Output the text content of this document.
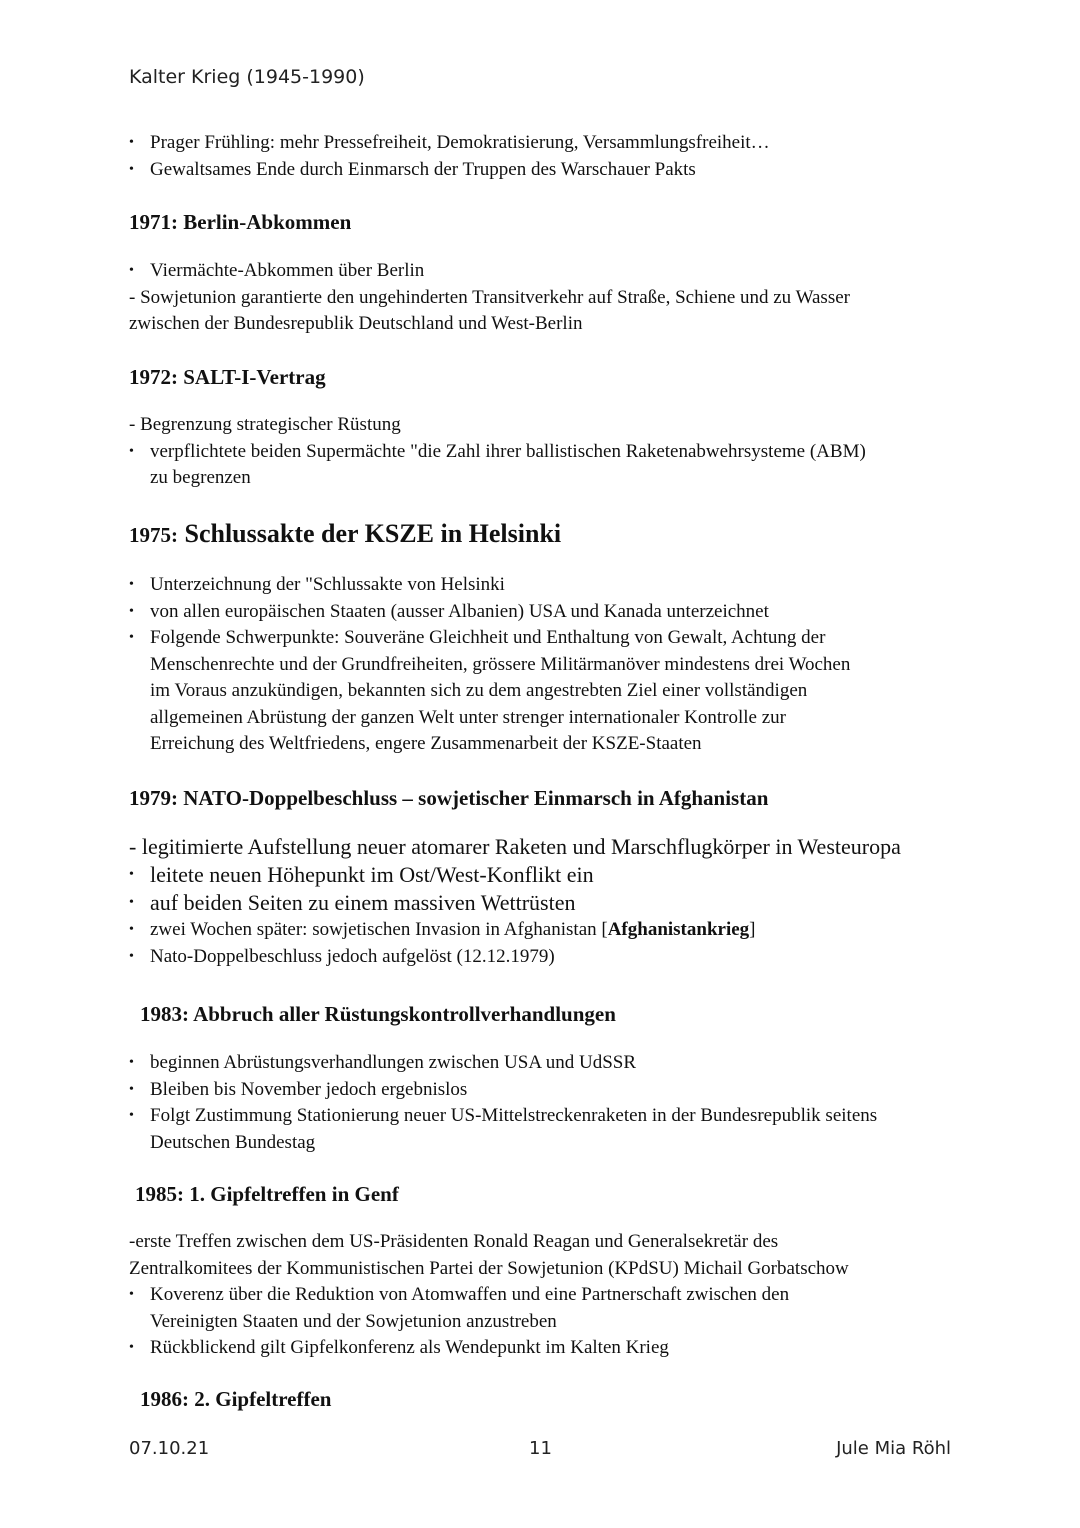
Kalter Krieg (1945-1990)
• Prager Frühling: mehr Pressefreiheit, Demokratisierung, Versammlungsfreiheit…
• Gewaltsames Ende durch Einmarsch der Truppen des Warschauer Pakts
1971: Berlin-Abkommen
• Viermächte-Abkommen über Berlin
- Sowjetunion garantierte den ungehinderten Transitverkehr auf Straße, Schiene und zu Wasser
zwischen der Bundesrepublik Deutschland und West-Berlin
1972: SALT-I-Vertrag
- Begrenzung strategischer Rüstung
• verpflichtete beiden Supermächte "die Zahl ihrer ballistischen Raketenabwehrsysteme (ABM)
zu begrenzen
1975: Schlussakte der KSZE in Helsinki
• Unterzeichnung der "Schlussakte von Helsinki
• von allen europäischen Staaten (ausser Albanien) USA und Kanada unterzeichnet
• Folgende Schwerpunkte: Souveräne Gleichheit und Enthaltung von Gewalt, Achtung der
Menschenrechte und der Grundfreiheiten, grössere Militärmanöver mindestens drei Wochen
im Voraus anzukündigen, bekannten sich zu dem angestrebten Ziel einer vollständigen
allgemeinen Abrüstung der ganzen Welt unter strenger internationaler Kontrolle zur
Erreichung des Weltfriedens, engere Zusammenarbeit der KSZE-Staaten
1979: NATO-Doppelbeschluss – sowjetischer Einmarsch in Afghanistan
- legitimierte Aufstellung neuer atomarer Raketen und Marschflugkörper in Westeuropa
• leitete neuen Höhepunkt im Ost/West-Konflikt ein
• auf beiden Seiten zu einem massiven Wettrüsten
• zwei Wochen später: sowjetischen Invasion in Afghanistan [Afghanistankrieg]
• Nato-Doppelbeschluss jedoch aufgelöst (12.12.1979)
1983: Abbruch aller Rüstungskontrollverhandlungen
• beginnen Abrüstungsverhandlungen zwischen USA und UdSSR
• Bleiben bis November jedoch ergebnislos
• Folgt Zustimmung Stationierung neuer US-Mittelstreckenraketen in der Bundesrepublik seitens
Deutschen Bundestag
1985: 1. Gipfeltreffen in Genf
-erste Treffen zwischen dem US-Präsidenten Ronald Reagan und Generalsekretär des
Zentralkomitees der Kommunistischen Partei der Sowjetunion (KPdSU) Michail Gorbatschow
• Koverenz über die Reduktion von Atomwaffen und eine Partnerschaft zwischen den
Vereinigten Staaten und der Sowjetunion anzustreben
• Rückblickend gilt Gipfelkonferenz als Wendepunkt im Kalten Krieg
1986: 2. Gipfeltreffen
07.10.21	11	Jule Mia Röhl
